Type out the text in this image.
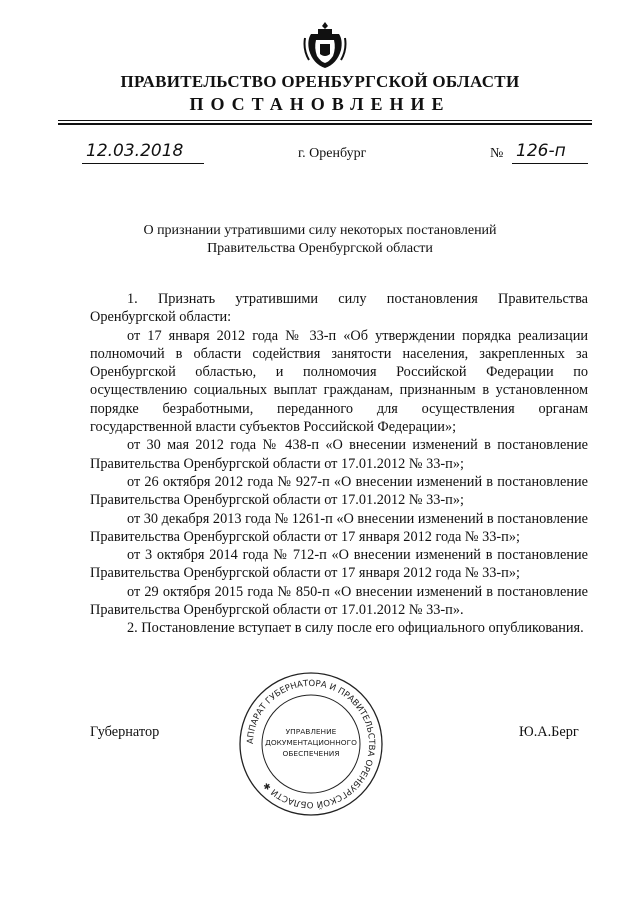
ПРАВИТЕЛЬСТВО ОРЕНБУРГСКОЙ ОБЛАСТИ
ПОСТАНОВЛЕНИЕ
12.03.2018	г. Оренбург	№ 126-п
О признании утратившими силу некоторых постановлений
Правительства Оренбургской области

1. Признать утратившими силу постановления Правительства Оренбургской области:

от 17 января 2012 года № 33-п «Об утверждении порядка реализации полномочий в области содействия занятости населения, закрепленных за Оренбургской областью, и полномочия Российской Федерации по осуществлению социальных выплат гражданам, признанным в установленном порядке безработными, переданного для осуществления органам государственной власти субъектов Российской Федерации»;

от 30 мая 2012 года № 438-п «О внесении изменений в постановление Правительства Оренбургской области от 17.01.2012 № 33-п»;

от 26 октября 2012 года № 927-п «О внесении изменений в постановление Правительства Оренбургской области от 17.01.2012 № 33-п»;

от 30 декабря 2013 года № 1261-п «О внесении изменений в постановление Правительства Оренбургской области от 17 января 2012 года № 33-п»;

от 3 октября 2014 года № 712-п «О внесении изменений в постановление Правительства Оренбургской области от 17 января 2012 года № 33-п»;

от 29 октября 2015 года № 850-п «О внесении изменений в постановление Правительства Оренбургской области от 17.01.2012 № 33-п».

2. Постановление вступает в силу после его официального опубликования.

Губернатор	Ю.А.Берг
АППАРАТ ГУБЕРНАТОРА И ПРАВИТЕЛЬСТВА ОРЕНБУРГСКОЙ ОБЛАСТИ ✱
УПРАВЛЕНИЕ
ДОКУМЕНТАЦИОННОГО
ОБЕСПЕЧЕНИЯ
